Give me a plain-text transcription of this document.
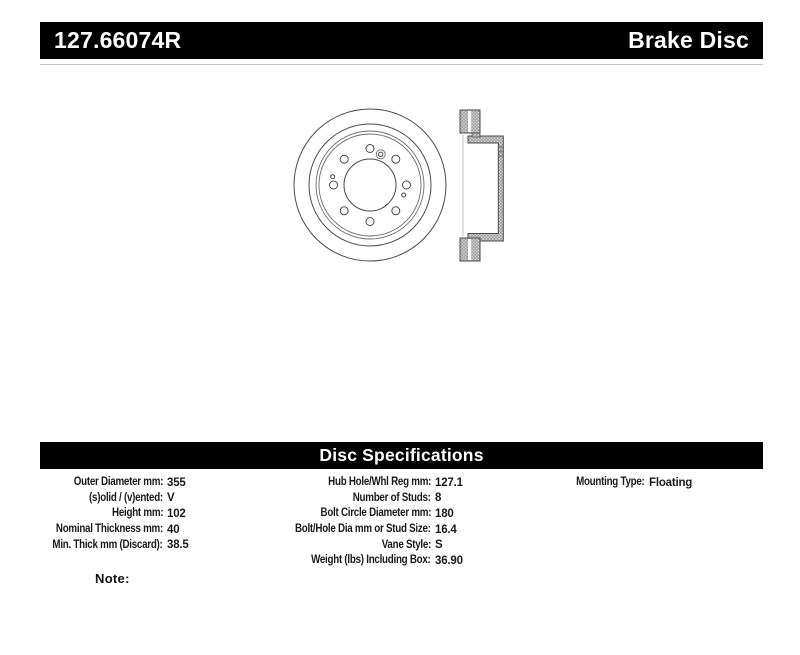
127.66074R	Brake Disc
Disc Specifications
Outer Diameter mm: 355
(s)olid / (v)ented: V
Height mm: 102
Nominal Thickness mm: 40
Min. Thick mm (Discard): 38.5
Hub Hole/Whl Reg mm: 127.1
Number of Studs: 8
Bolt Circle Diameter mm: 180
Bolt/Hole Dia mm or Stud Size: 16.4
Vane Style: S
Weight (lbs) Including Box: 36.90
Mounting Type: Floating
Note:
